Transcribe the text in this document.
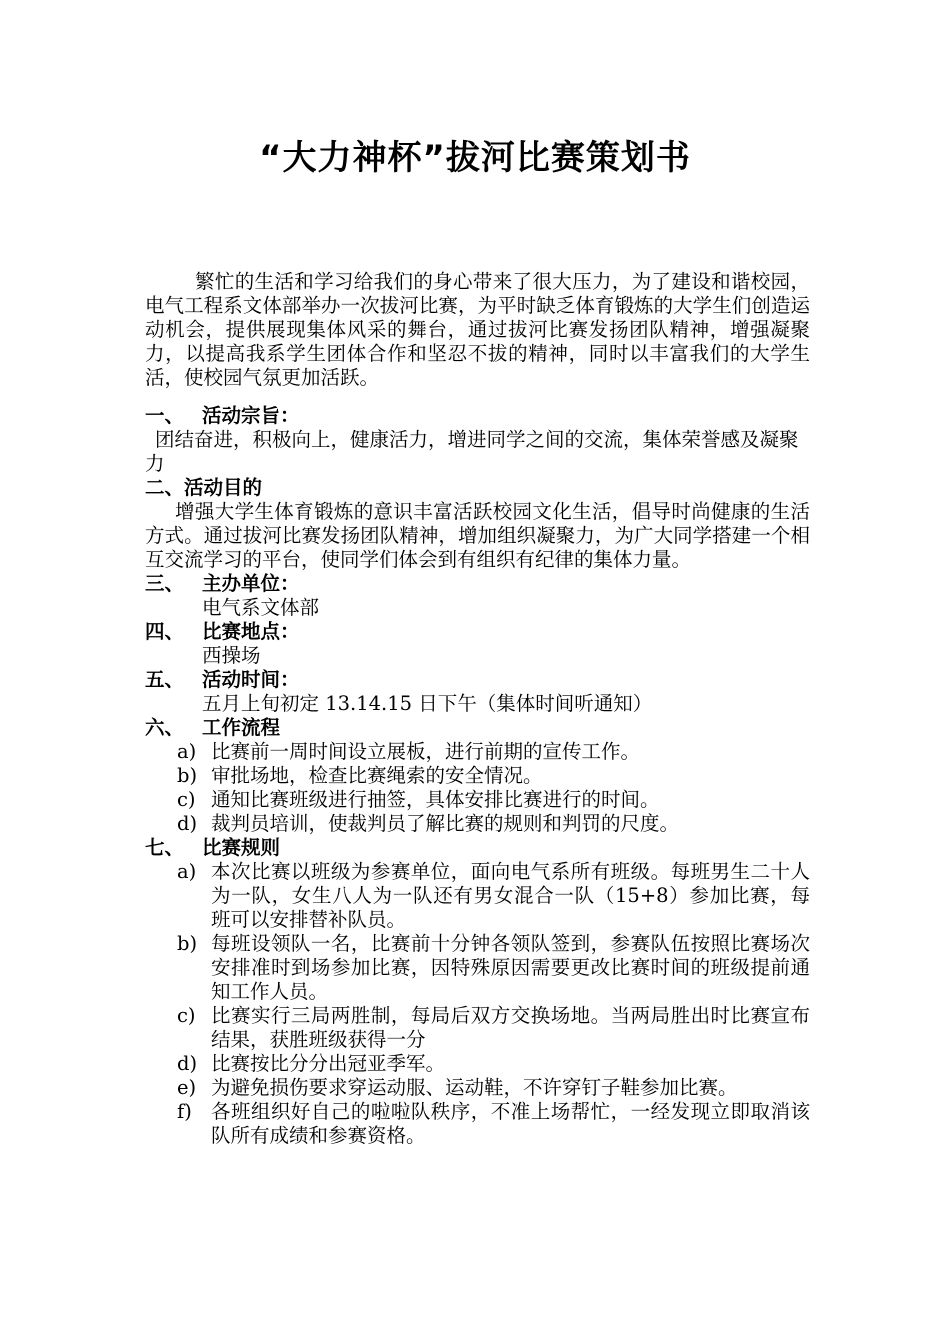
“大力神杯”拔河比赛策划书

繁忙的生活和学习给我们的身心带来了很大压力，为了建设和谐校园，电气工程系文体部举办一次拔河比赛，为平时缺乏体育锻炼的大学生们创造运动机会，提供展现集体风采的舞台，通过拔河比赛发扬团队精神，增强凝聚力，以提高我系学生团体合作和坚忍不拔的精神，同时以丰富我们的大学生活，使校园气氛更加活跃。

一、 活动宗旨：

团结奋进，积极向上，健康活力，增进同学之间的交流，集体荣誉感及凝聚力

二、 活动目的

增强大学生体育锻炼的意识丰富活跃校园文化生活，倡导时尚健康的生活方式。通过拔河比赛发扬团队精神，增加组织凝聚力，为广大同学搭建一个相互交流学习的平台，使同学们体会到有组织有纪律的集体力量。

三、 主办单位：

电气系文体部

四、 比赛地点：

西操场

五、 活动时间：

五月上旬初定 13.14.15 日下午（集体时间听通知）

六、 工作流程
a) 比赛前一周时间设立展板，进行前期的宣传工作。
b) 审批场地，检查比赛绳索的安全情况。
c) 通知比赛班级进行抽签，具体安排比赛进行的时间。
d) 裁判员培训，使裁判员了解比赛的规则和判罚的尺度。
七、 比赛规则
a) 本次比赛以班级为参赛单位，面向电气系所有班级。每班男生二十人为一队，女生八人为一队还有男女混合一队（15+8）参加比赛，每班可以安排替补队员。
b) 每班设领队一名，比赛前十分钟各领队签到，参赛队伍按照比赛场次安排准时到场参加比赛，因特殊原因需要更改比赛时间的班级提前通知工作人员。
c) 比赛实行三局两胜制，每局后双方交换场地。当两局胜出时比赛宣布结果，获胜班级获得一分
d) 比赛按比分分出冠亚季军。
e) 为避免损伤要求穿运动服、运动鞋，不许穿钉子鞋参加比赛。
f) 各班组织好自己的啦啦队秩序，不准上场帮忙，一经发现立即取消该队所有成绩和参赛资格。
